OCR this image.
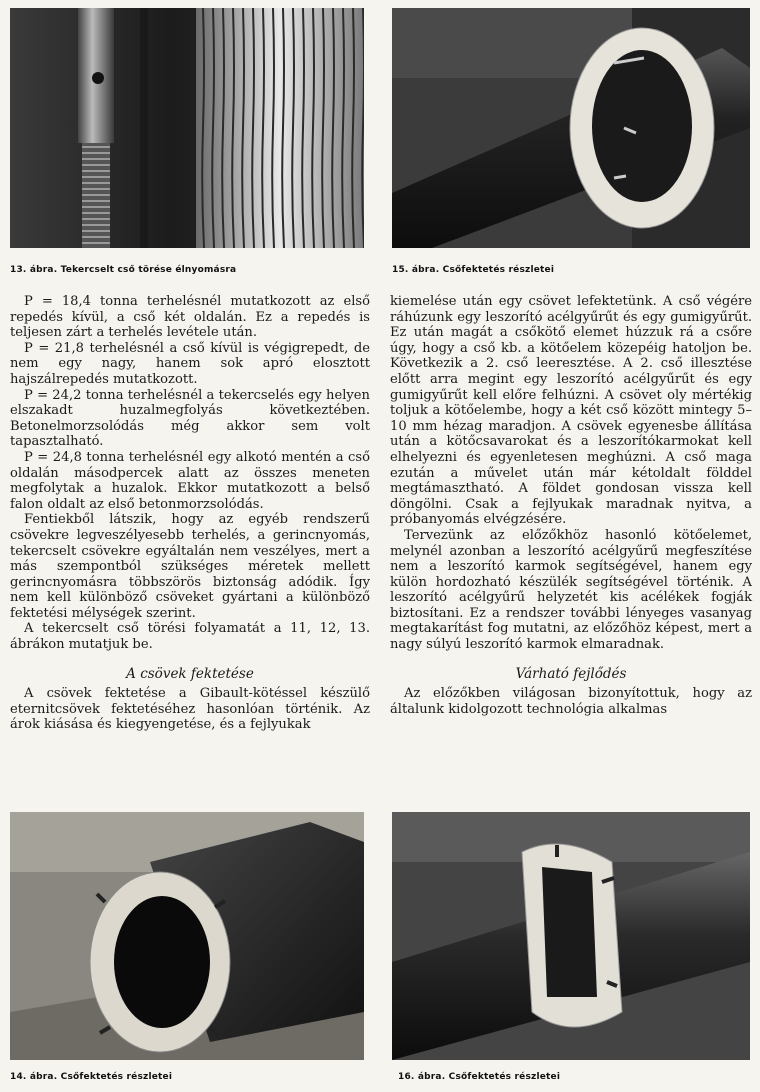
13. ábra. Tekercselt cső törése élnyomásra	15. ábra. Csőfektetés részletei

P = 18,4 tonna terhelésnél mutatkozott az első repedés kívül, a cső két oldalán. Ez a repedés is teljesen zárt a terhelés levétele után.

P = 21,8 terhelésnél a cső kívül is végigrepedt, de nem egy nagy, hanem sok apró elosztott hajszálrepedés mutatkozott.

P = 24,2 tonna terhelésnél a tekercselés egy helyen elszakadt huzalmegfolyás következtében. Betonelmorzsolódás még akkor sem volt tapasztalható.

P = 24,8 tonna terhelésnél egy alkotó mentén a cső oldalán másodpercek alatt az összes meneten megfolytak a huzalok. Ekkor mutatkozott a belső falon oldalt az első betonmorzsolódás.

Fentiekből látszik, hogy az egyéb rendszerű csövekre legveszélyesebb terhelés, a gerincnyomás, tekercselt csövekre egyáltalán nem veszélyes, mert a más szempontból szükséges méretek mellett gerincnyomásra többszörös biztonság adódik. Így nem kell különböző csöveket gyártani a különböző fektetési mélységek szerint.

A tekercselt cső törési folyamatát a 11, 12, 13. ábrákon mutatjuk be.

A csövek fektetése

A csövek fektetése a Gibault-kötéssel készülő eternitcsövek fektetéséhez hasonlóan történik. Az árok kiásása és kiegyengetése, és a fejlyukak

kiemelése után egy csövet lefektetünk. A cső végére ráhúzunk egy leszorító acélgyűrűt és egy gumigyűrűt. Ez után magát a csőkötő elemet húzzuk rá a csőre úgy, hogy a cső kb. a kötőelem közepéig hatoljon be. Következik a 2. cső leeresztése. A 2. cső illesztése előtt arra megint egy leszorító acélgyűrűt és egy gumigyűrűt kell előre felhúzni. A csövet oly mértékig toljuk a kötőelembe, hogy a két cső között mintegy 5–10 mm hézag maradjon. A csövek egyenesbe állítása után a kötőcsavarokat és a leszorítókarmokat kell elhelyezni és egyenletesen meghúzni. A cső maga ezután a művelet után már kétoldalt földdel megtámasztható. A földet gondosan vissza kell döngölni. Csak a fejlyukak maradnak nyitva, a próbanyomás elvégzésére.

Tervezünk az előzőkhöz hasonló kötőelemet, melynél azonban a leszorító acélgyűrű megfeszítése nem a leszorító karmok segítségével, hanem egy külön hordozható készülék segítségével történik. A leszorító acélgyűrű helyzetét kis acélékek fogják biztosítani. Ez a rendszer további lényeges vasanyag megtakarítást fog mutatni, az előzőhöz képest, mert a nagy súlyú leszorító karmok elmaradnak.

Várható fejlődés

Az előzőkben világosan bizonyítottuk, hogy az általunk kidolgozott technológia alkalmas

14. ábra. Csőfektetés részletei	16. ábra. Csőfektetés részletei
